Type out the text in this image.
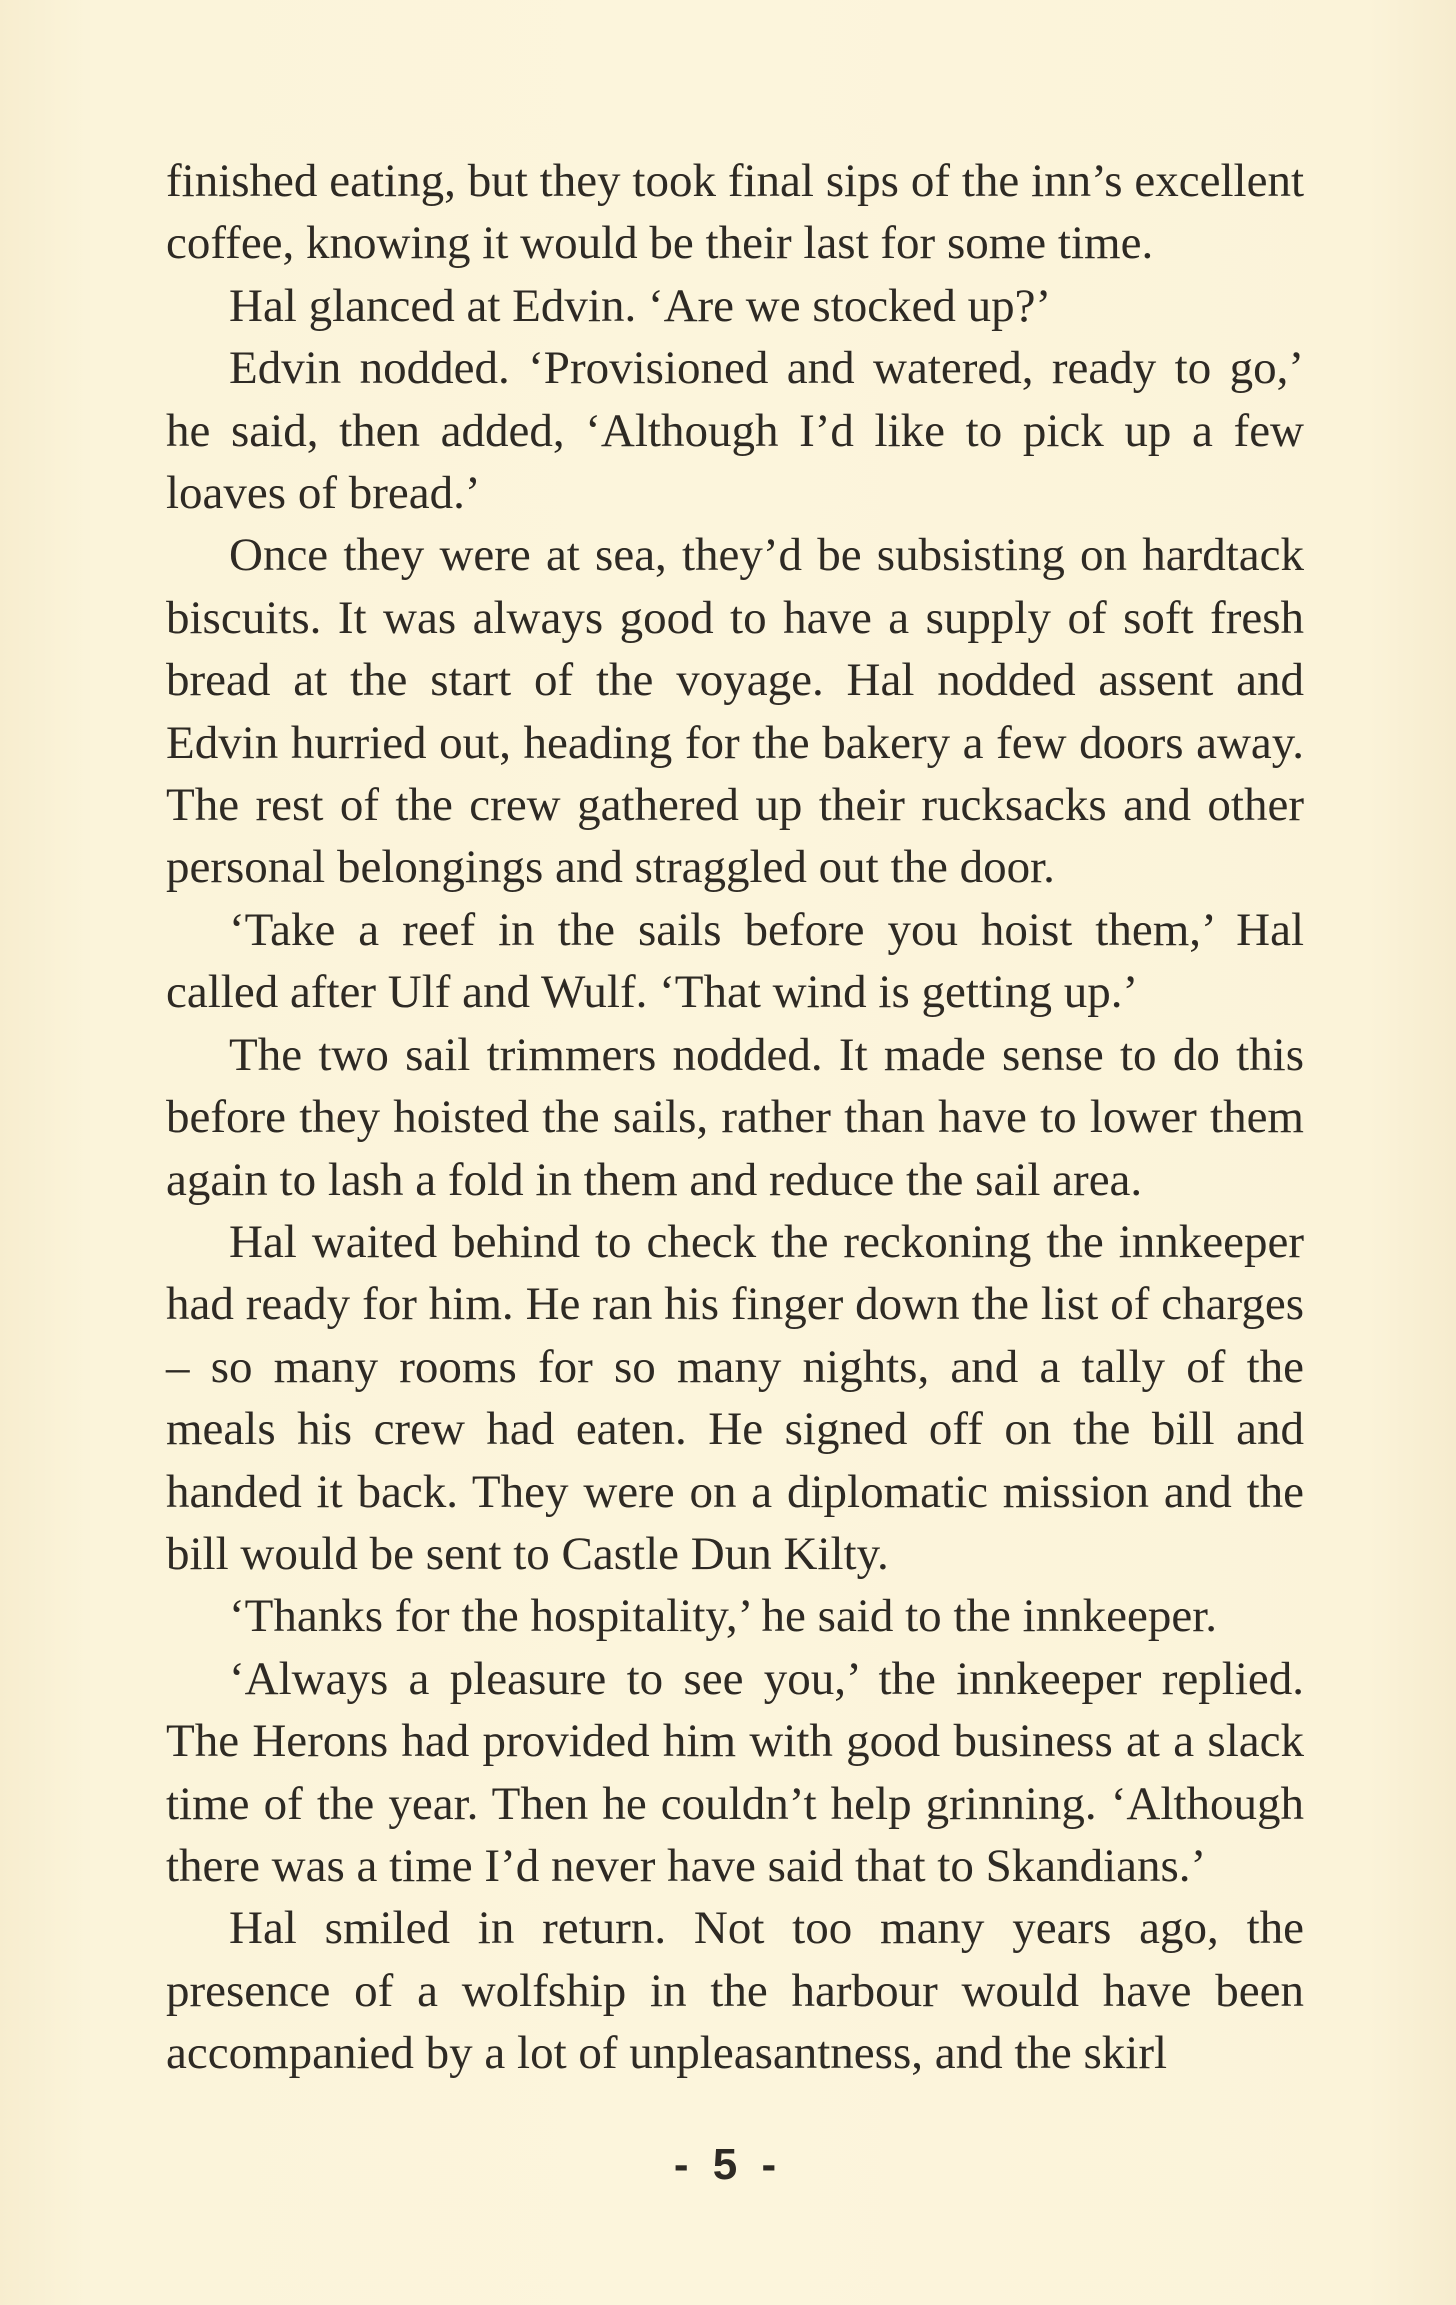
finished eating, but they took final sips of the inn’s excellent coffee, knowing it would be their last for some time.

Hal glanced at Edvin. ‘Are we stocked up?’

Edvin nodded. ‘Provisioned and watered, ready to go,’ he said, then added, ‘Although I’d like to pick up a few loaves of bread.’

Once they were at sea, they’d be subsisting on hardtack biscuits. It was always good to have a supply of soft fresh bread at the start of the voyage. Hal nodded assent and Edvin hurried out, heading for the bakery a few doors away. The rest of the crew gathered up their rucksacks and other personal belongings and straggled out the door.

‘Take a reef in the sails before you hoist them,’ Hal called after Ulf and Wulf. ‘That wind is getting up.’

The two sail trimmers nodded. It made sense to do this before they hoisted the sails, rather than have to lower them again to lash a fold in them and reduce the sail area.

Hal waited behind to check the reckoning the innkeeper had ready for him. He ran his finger down the list of charges – so many rooms for so many nights, and a tally of the meals his crew had eaten. He signed off on the bill and handed it back. They were on a diplomatic mission and the bill would be sent to Castle Dun Kilty.

‘Thanks for the hospitality,’ he said to the innkeeper.

‘Always a pleasure to see you,’ the innkeeper replied. The Herons had provided him with good business at a slack time of the year. Then he couldn’t help grinning. ‘Although there was a time I’d never have said that to Skandians.’

Hal smiled in return. Not too many years ago, the presence of a wolfship in the harbour would have been accompanied by a lot of unpleasantness, and the skirl

- 5 -
